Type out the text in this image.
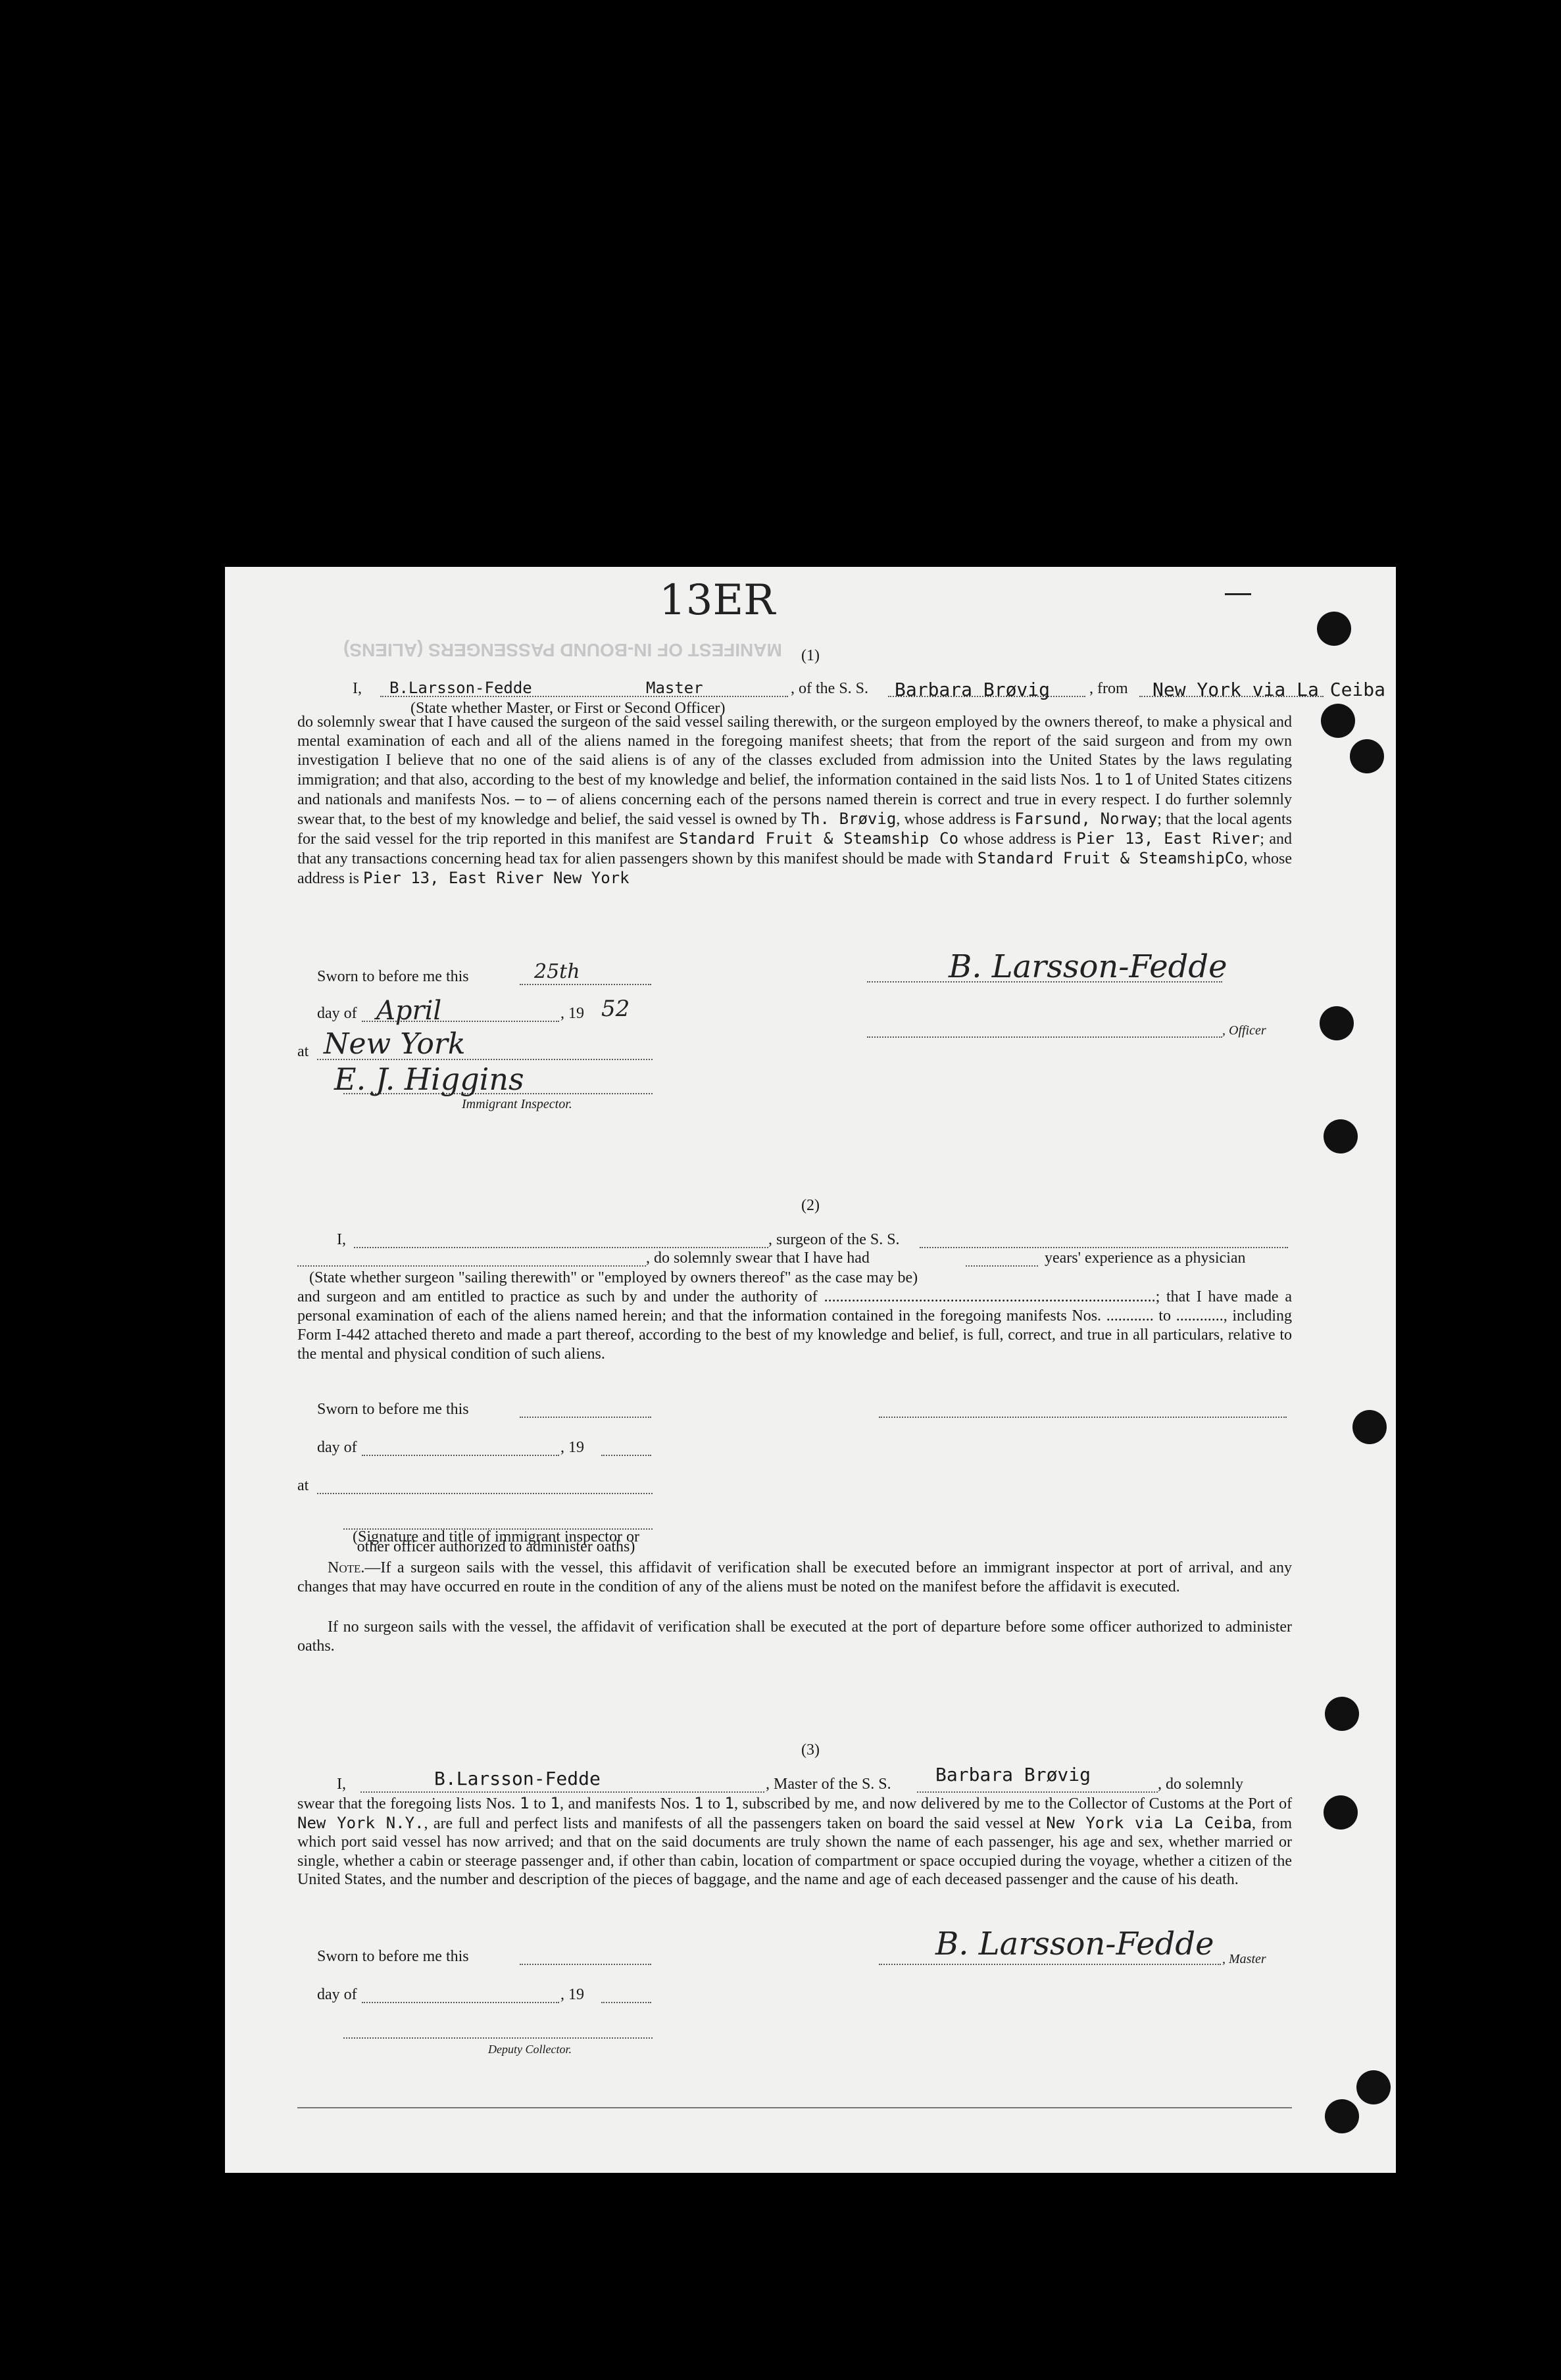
MANIFEST OF IN-BOUND PASSENGERS (ALIENS)
13ER
(1)
I, B.Larsson-Fedde	Master	, of the S. S. Barbara Brøvig , from New York via La Ceiba
(State whether Master, or First or Second Officer)

do solemnly swear that I have caused the surgeon of the said vessel sailing therewith, or the surgeon employed by the owners thereof, to make a physical and mental examination of each and all of the aliens named in the foregoing manifest sheets; that from the report of the said surgeon and from my own investigation I believe that no one of the said aliens is of any of the classes excluded from admission into the United States by the laws regulating immigration; and that also, according to the best of my knowledge and belief, the information contained in the said lists Nos. 1 to 1 of United States citizens and nationals and manifests Nos. — to — of aliens concerning each of the persons named therein is correct and true in every respect. I do further solemnly swear that, to the best of my knowledge and belief, the said vessel is owned by Th. Brøvig, whose address is Farsund, Norway; that the local agents for the said vessel for the trip reported in this manifest are Standard Fruit & Steamship Co whose address is Pier 13, East River; and that any transactions concerning head tax for alien passengers shown by this manifest should be made with Standard Fruit & SteamshipCo, whose address is Pier 13, East River New York

Sworn to before me this	25th
day of April	, 19 52
at New York
E. J. Higgins
Immigrant Inspector.
B. Larsson-Fedde
, Officer
(2)
I,	, surgeon of the S. S.
, do solemnly swear that I have had	years' experience as a physician
(State whether surgeon "sailing therewith" or "employed by owners thereof" as the case may be)

and surgeon and am entitled to practice as such by and under the authority of ....................................................................................; that I have made a personal examination of each of the aliens named herein; and that the information contained in the foregoing manifests Nos. ............ to ............, including Form I-442 attached thereto and made a part thereof, according to the best of my knowledge and belief, is full, correct, and true in all particulars, relative to the mental and physical condition of such aliens.

Sworn to before me this
day of	, 19
at
(Signature and title of immigrant inspector or other officer authorized to administer oaths)

Note.—If a surgeon sails with the vessel, this affidavit of verification shall be executed before an immigrant inspector at port of arrival, and any changes that may have occurred en route in the condition of any of the aliens must be noted on the manifest before the affidavit is executed.

If no surgeon sails with the vessel, the affidavit of verification shall be executed at the port of departure before some officer authorized to administer oaths.

(3)
I,	B.Larsson-Fedde	, Master of the S. S. Barbara Brøvig	, do solemnly

swear that the foregoing lists Nos. 1 to 1, and manifests Nos. 1 to 1, subscribed by me, and now delivered by me to the Collector of Customs at the Port of New York N.Y., are full and perfect lists and manifests of all the passengers taken on board the said vessel at New York via La Ceiba, from which port said vessel has now arrived; and that on the said documents are truly shown the name of each passenger, his age and sex, whether married or single, whether a cabin or steerage passenger and, if other than cabin, location of compartment or space occupied during the voyage, whether a citizen of the United States, and the number and description of the pieces of baggage, and the name and age of each deceased passenger and the cause of his death.

Sworn to before me this	B. Larsson-Fedde , Master
day of	, 19
Deputy Collector.
